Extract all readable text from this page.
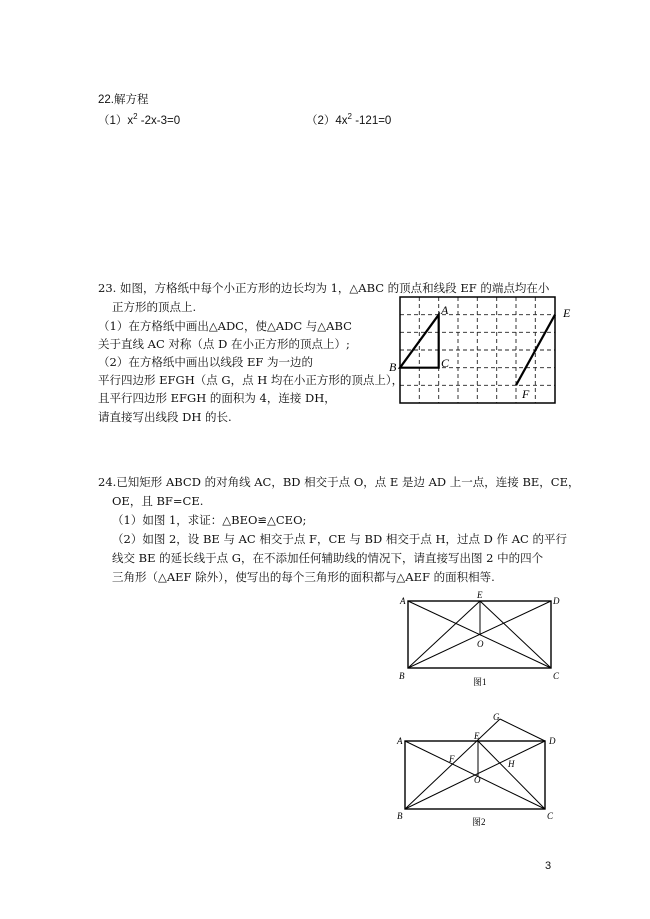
22.解方程
$(1)x^2$ -2x-3=0	$(2)4x^2$ -121=0
23. 如图，方格纸中每个小正方形的边长均为 1，△ABC 的顶点和线段 EF 的端点均在小
正方形的顶点上.
（1）在方格纸中画出△ADC，使△ADC 与△ABC
关于直线 AC 对称（点 D 在小正方形的顶点上）;
（2）在方格纸中画出以线段 EF 为一边的
平行四边形 EFGH（点 G，点 H 均在小正方形的顶点上），
且平行四边形 EFGH 的面积为 4，连接 DH，
请直接写出线段 DH 的长.
A
B	C
E
F
24.已知矩形 ABCD 的对角线 AC，BD 相交于点 O，点 E 是边 AD 上一点，连接 BE，CE，
OE，且 BF=CE.
（1）如图 1，求证：△BEO≌△CEO;
（2）如图 2，设 BE 与 AC 相交于点 F，CE 与 BD 相交于点 H，过点 D 作 AC 的平行
线交 BE 的延长线于点 G，在不添加任何辅助线的情况下，请直接写出图 2 中的四个
三角形（△AEF 除外），使写出的每个三角形的面积都与△AEF 的面积相等.
A
E
D
O
B	C
图1
A
G
E	D
F	H
O
B	C
图2
3
